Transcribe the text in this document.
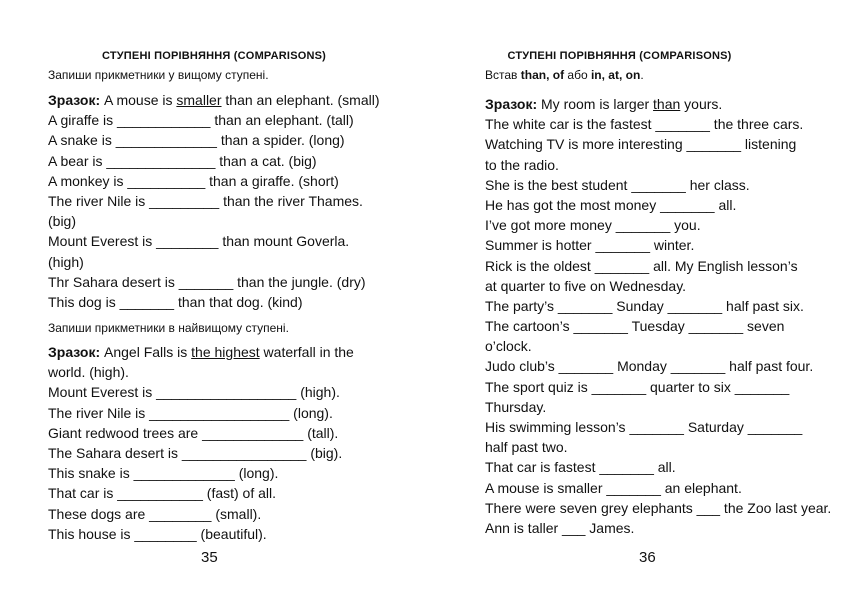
СТУПЕНІ ПОРІВНЯННЯ (COMPARISONS)
Запиши прикметники у вищому ступені.
Зразок: A mouse is smaller than an elephant. (small)
A giraffe is ____________ than an elephant. (tall)
A snake is _____________ than a spider. (long)
A bear is ______________ than a cat. (big)
A monkey is __________ than a giraffe. (short)
The river Nile is _________ than the river Thames.
(big)
Mount Everest is ________ than mount Goverla.
(high)
Thr Sahara desert is _______ than the jungle. (dry)
This dog is _______ than that dog. (kind)
Запиши прикметники в найвищому ступені.
Зразок: Angel Falls is the highest waterfall in the
world. (high).
Mount Everest is __________________ (high).
The river Nile is __________________ (long).
Giant redwood trees are _____________ (tall).
The Sahara desert is ________________ (big).
This snake is _____________ (long).
That car is ___________ (fast) of all.
These dogs are ________ (small).
This house is ________ (beautiful).
35
СТУПЕНІ ПОРІВНЯННЯ (COMPARISONS)
Встав than, of або in, at, on.
Зразок: My room is larger than yours.
The white car is the fastest _______ the three cars.
Watching TV is more interesting _______ listening
to the radio.
She is the best student _______ her class.
He has got the most money _______ all.
I’ve got more money _______ you.
Summer is hotter _______ winter.
Rick is the oldest _______ all. My English lesson’s
at quarter to five on Wednesday.
The party’s _______ Sunday _______ half past six.
The cartoon’s _______ Tuesday _______ seven
o’clock.
Judo club’s _______ Monday _______ half past four.
The sport quiz is _______ quarter to six _______
Thursday.
His swimming lesson’s _______ Saturday _______
half past two.
That car is fastest _______ all.
A mouse is smaller _______ an elephant.
There were seven grey elephants ___ the Zoo last year.
Ann is taller ___ James.
36
